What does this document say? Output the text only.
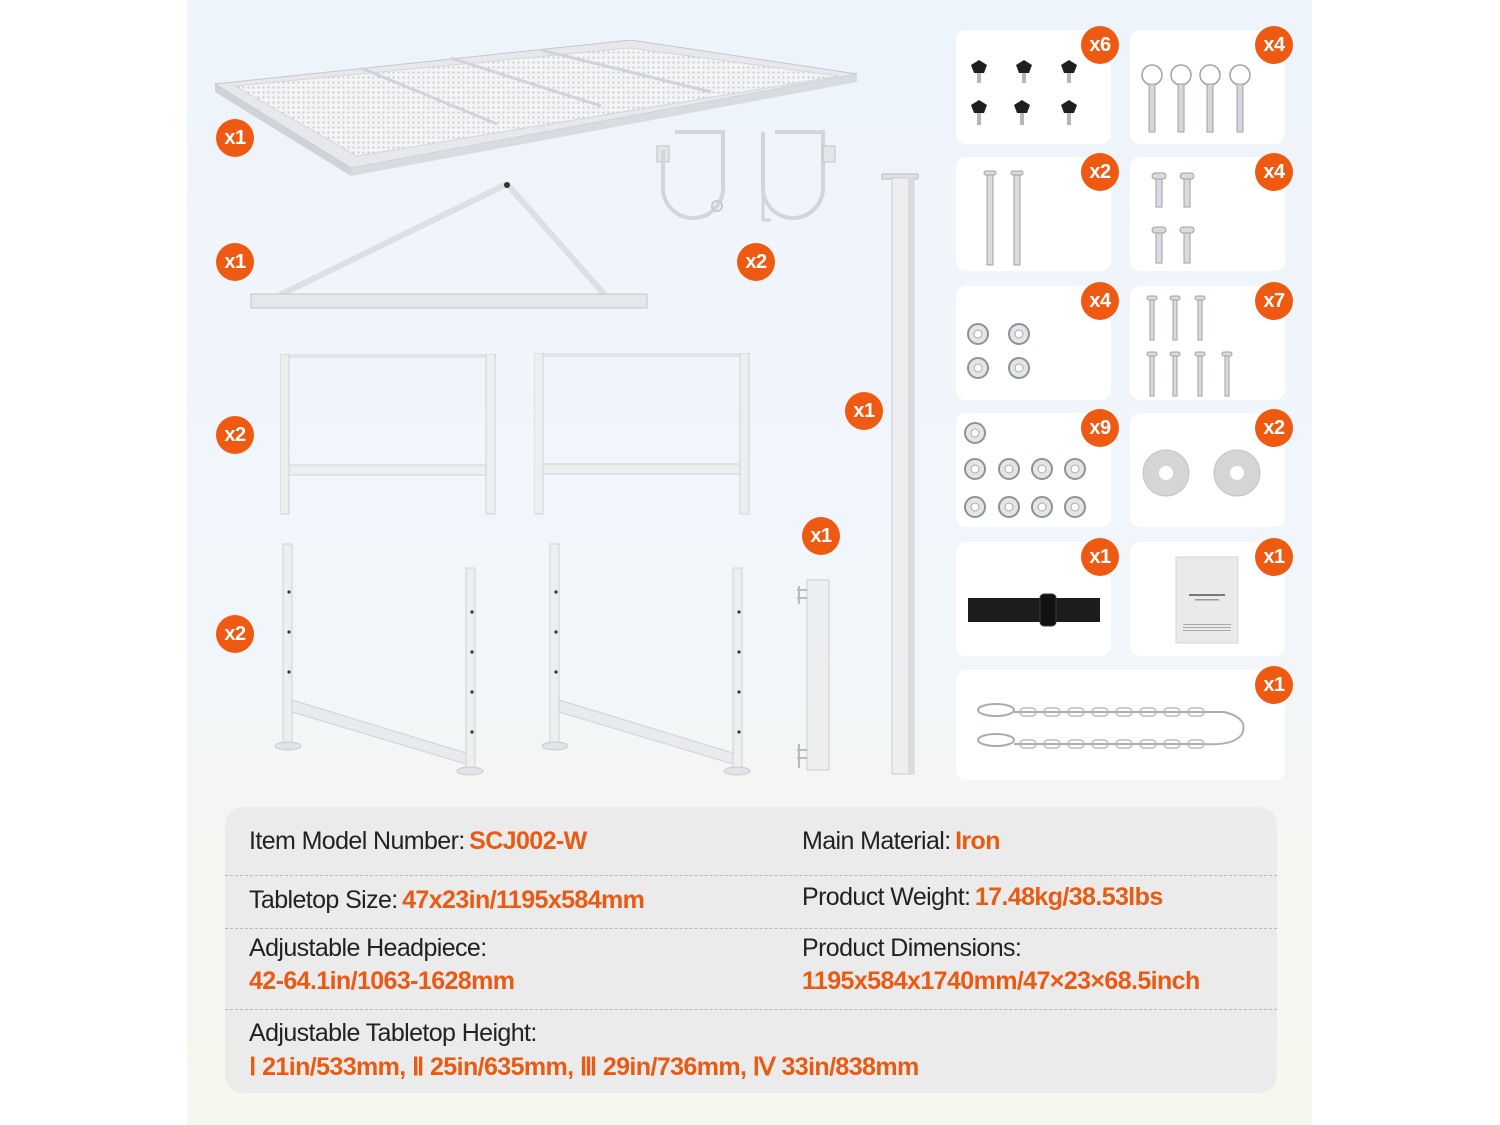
x1
x2
x1
x2
x2
x1
x1
x6	x4
x2	x4
x4	x7
x9	x2
x1	x1
x1
Item Model Number: SCJ002-W	Main Material: Iron
Tabletop Size: 47x23in/1195x584mm	Product Weight: 17.48kg/38.53lbs
Adjustable Headpiece:
42-64.1in/1063-1628mm
Product Dimensions:
1195x584x1740mm/47×23×68.5inch
Adjustable Tabletop Height:
Ⅰ 21in/533mm, Ⅱ 25in/635mm, Ⅲ 29in/736mm, Ⅳ 33in/838mm
